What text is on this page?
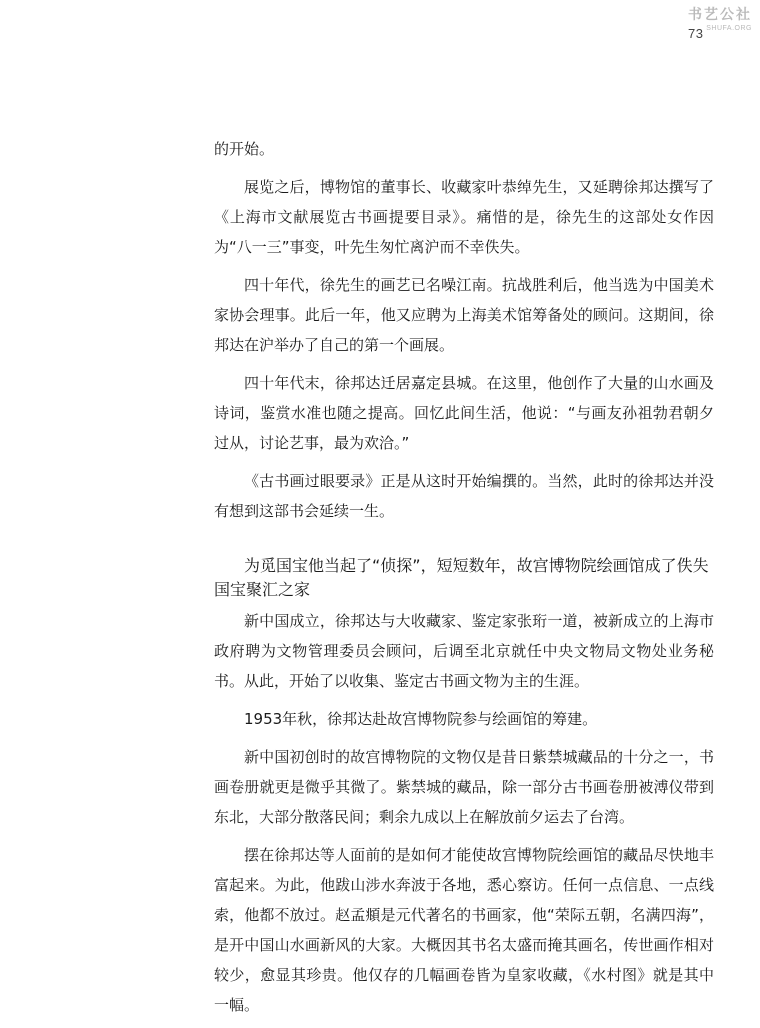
书艺公社
SHUFA.ORG
73

的开始。

展览之后，博物馆的董事长、收藏家叶恭绰先生，又延聘徐邦达撰写了《上海市文献展览古书画提要目录》。痛惜的是，徐先生的这部处女作因为“八一三”事变，叶先生匆忙离沪而不幸佚失。

四十年代，徐先生的画艺已名噪江南。抗战胜利后，他当选为中国美术家协会理事。此后一年，他又应聘为上海美术馆筹备处的顾问。这期间，徐邦达在沪举办了自己的第一个画展。

四十年代末，徐邦达迁居嘉定县城。在这里，他创作了大量的山水画及诗词，鉴赏水准也随之提高。回忆此间生活，他说：“与画友孙祖勃君朝夕过从，讨论艺事，最为欢洽。”

《古书画过眼要录》正是从这时开始编撰的。当然，此时的徐邦达并没有想到这部书会延续一生。

为觅国宝他当起了“侦探”，短短数年，故宫博物院绘画馆成了佚失国宝聚汇之家

新中国成立，徐邦达与大收藏家、鉴定家张珩一道，被新成立的上海市政府聘为文物管理委员会顾问，后调至北京就任中央文物局文物处业务秘书。从此，开始了以收集、鉴定古书画文物为主的生涯。

1953年秋，徐邦达赴故宫博物院参与绘画馆的筹建。

新中国初创时的故宫博物院的文物仅是昔日紫禁城藏品的十分之一，书画卷册就更是微乎其微了。紫禁城的藏品，除一部分古书画卷册被溥仪带到东北，大部分散落民间；剩余九成以上在解放前夕运去了台湾。

摆在徐邦达等人面前的是如何才能使故宫博物院绘画馆的藏品尽快地丰富起来。为此，他跋山涉水奔波于各地，悉心察访。任何一点信息、一点线索，他都不放过。赵孟頫是元代著名的书画家，他“荣际五朝，名满四海”，是开中国山水画新风的大家。大概因其书名太盛而掩其画名，传世画作相对较少，愈显其珍贵。他仅存的几幅画卷皆为皇家收藏，《水村图》就是其中一幅。
